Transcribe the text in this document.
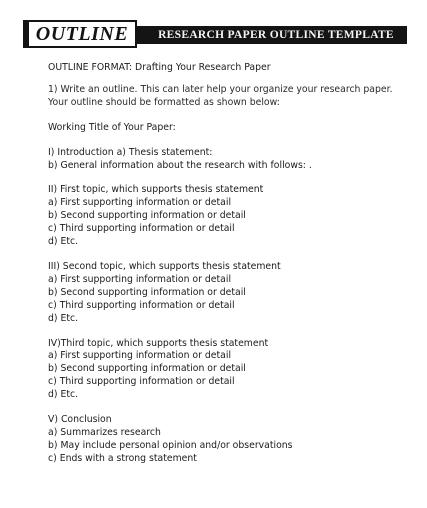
OUTLINE	RESEARCH PAPER OUTLINE TEMPLATE
OUTLINE FORMAT: Drafting Your Research Paper
1) Write an outline. This can later help your organize your research paper.
Your outline should be formatted as shown below:
Working Title of Your Paper:
I) Introduction a) Thesis statement:
b) General information about the research with follows: .
II) First topic, which supports thesis statement
a) First supporting information or detail
b) Second supporting information or detail
c) Third supporting information or detail
d) Etc.
III) Second topic, which supports thesis statement
a) First supporting information or detail
b) Second supporting information or detail
c) Third supporting information or detail
d) Etc.
IV)Third topic, which supports thesis statement
a) First supporting information or detail
b) Second supporting information or detail
c) Third supporting information or detail
d) Etc.
V) Conclusion
a) Summarizes research
b) May include personal opinion and/or observations
c) Ends with a strong statement
